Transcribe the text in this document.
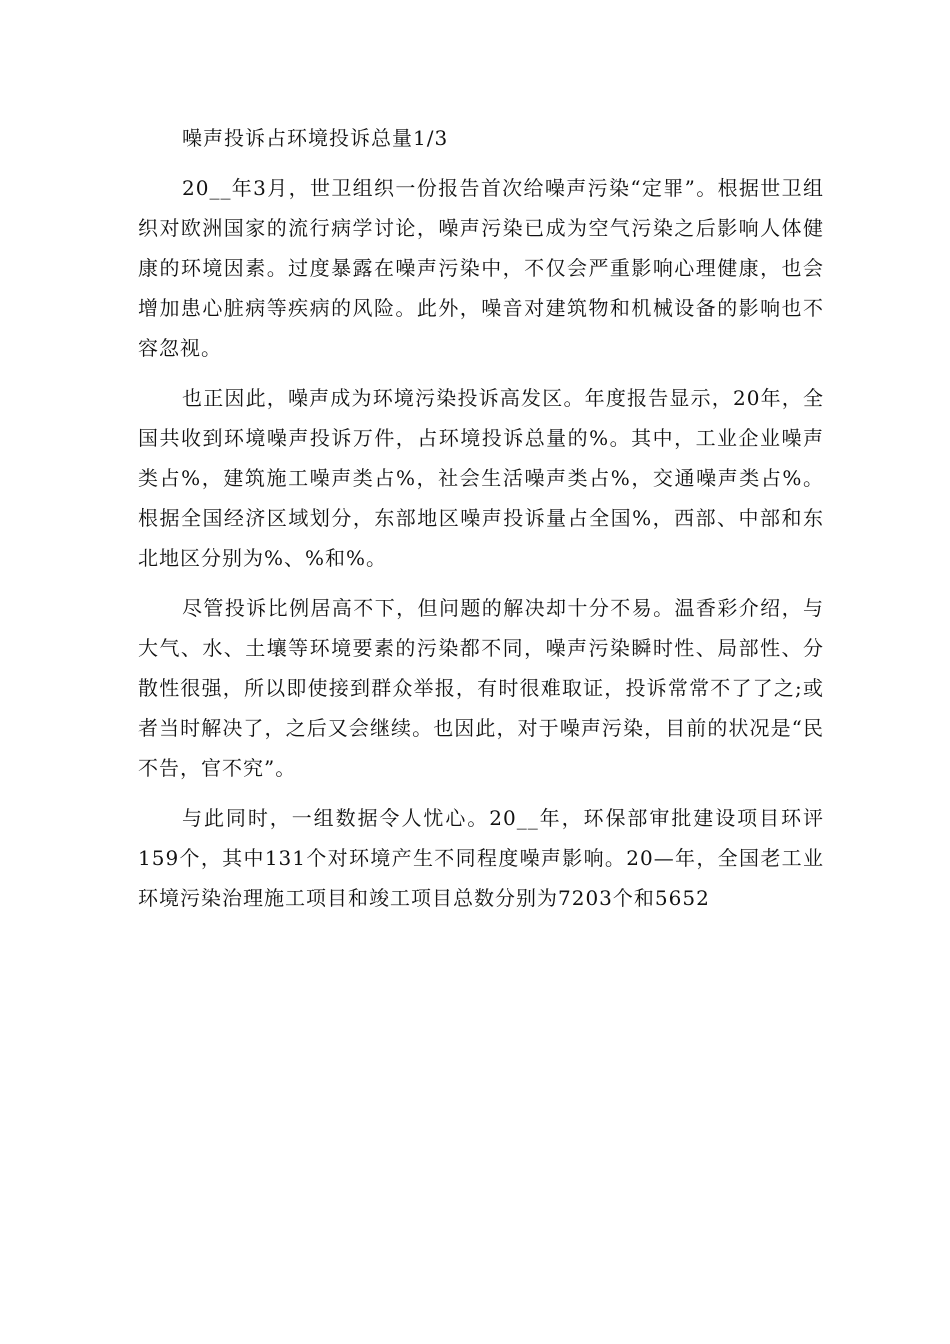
噪声投诉占环境投诉总量1/3

20__年3月，世卫组织一份报告首次给噪声污染“定罪”。根据世卫组织对欧洲国家的流行病学讨论，噪声污染已成为空气污染之后影响人体健康的环境因素。过度暴露在噪声污染中，不仅会严重影响心理健康，也会增加患心脏病等疾病的风险。此外，噪音对建筑物和机械设备的影响也不容忽视。

也正因此，噪声成为环境污染投诉高发区。年度报告显示，20年，全国共收到环境噪声投诉万件，占环境投诉总量的%。其中，工业企业噪声类占%，建筑施工噪声类占%，社会生活噪声类占%，交通噪声类占%。根据全国经济区域划分，东部地区噪声投诉量占全国%，西部、中部和东北地区分别为%、%和%。

尽管投诉比例居高不下，但问题的解决却十分不易。温香彩介绍，与大气、水、土壤等环境要素的污染都不同，噪声污染瞬时性、局部性、分散性很强，所以即使接到群众举报，有时很难取证，投诉常常不了了之;或者当时解决了，之后又会继续。也因此，对于噪声污染，目前的状况是“民不告，官不究”。

与此同时，一组数据令人忧心。20__年，环保部审批建设项目环评159个，其中131个对环境产生不同程度噪声影响。20—年，全国老工业环境污染治理施工项目和竣工项目总数分别为7203个和5652
